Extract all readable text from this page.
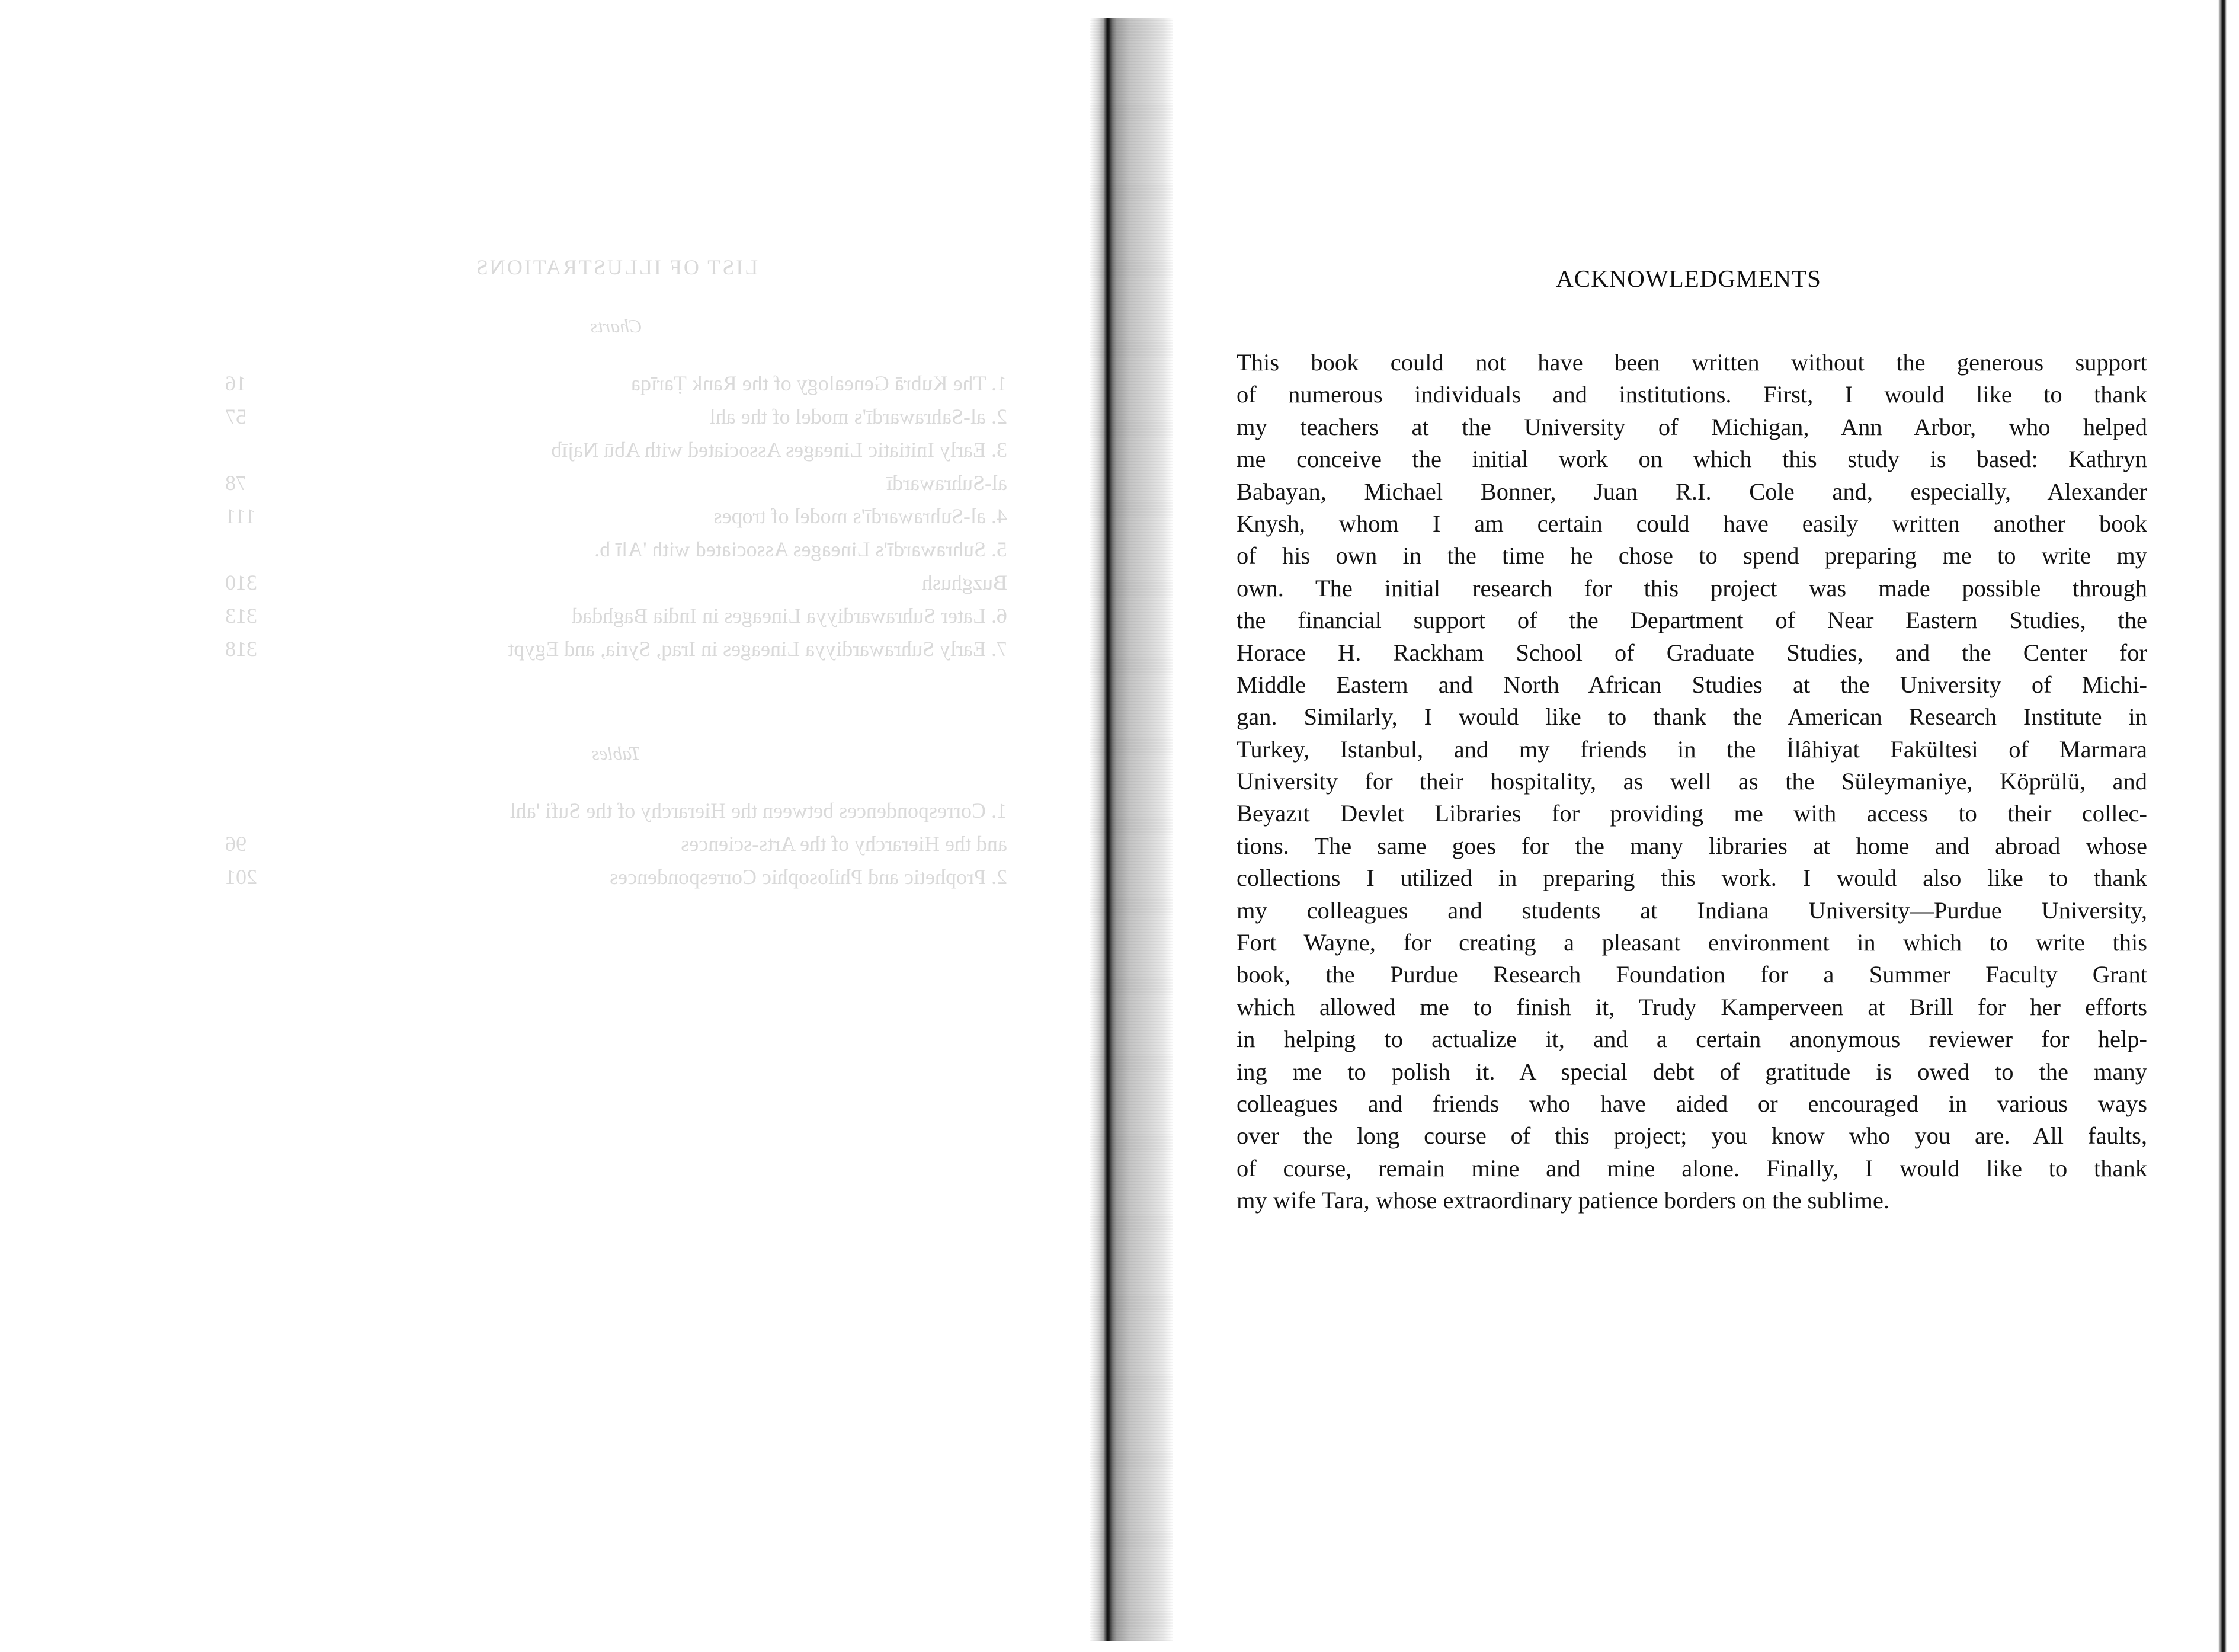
LIST OF ILLUSTRATIONS
Charts
1. The Kubrā Genealogy of the Rank Ṭarīqa
16
2. al-Sahrawardī's model of the ahl
57
3. Early Initiatic Lineages Associated with Abū Najīb
al-Suhrawardī
78
4. al-Suhrawardī's model of tropes
111
5. Suhrawardī's Lineages Associated with 'Alī b.
Buzghush
310
6. Later Suhrawardiyya Lineages in India Baghdad
313
7. Early Suhrawardiyya Lineages in Iraq, Syria, and Egypt
318
Tables
1. Correspondences between the Hierarchy of the Sufi 'ahl
and the Hierarchy of the Arts-sciences
96
2. Prophetic and Philosophic Correspondences
201
ACKNOWLEDGMENTS
This book could not have been written without the generous support
of numerous individuals and institutions. First, I would like to thank
my teachers at the University of Michigan, Ann Arbor, who helped
me conceive the initial work on which this study is based: Kathryn
Babayan, Michael Bonner, Juan R.I. Cole and, especially, Alexander
Knysh, whom I am certain could have easily written another book
of his own in the time he chose to spend preparing me to write my
own. The initial research for this project was made possible through
the financial support of the Department of Near Eastern Studies, the
Horace H. Rackham School of Graduate Studies, and the Center for
Middle Eastern and North African Studies at the University of Michi-
gan. Similarly, I would like to thank the American Research Institute in
Turkey, Istanbul, and my friends in the İlâhiyat Fakültesi of Marmara
University for their hospitality, as well as the Süleymaniye, Köprülü, and
Beyazıt Devlet Libraries for providing me with access to their collec-
tions. The same goes for the many libraries at home and abroad whose
collections I utilized in preparing this work. I would also like to thank
my colleagues and students at Indiana University—Purdue University,
Fort Wayne, for creating a pleasant environment in which to write this
book, the Purdue Research Foundation for a Summer Faculty Grant
which allowed me to finish it, Trudy Kamperveen at Brill for her efforts
in helping to actualize it, and a certain anonymous reviewer for help-
ing me to polish it. A special debt of gratitude is owed to the many
colleagues and friends who have aided or encouraged in various ways
over the long course of this project; you know who you are. All faults,
of course, remain mine and mine alone. Finally, I would like to thank
my wife Tara, whose extraordinary patience borders on the sublime.
